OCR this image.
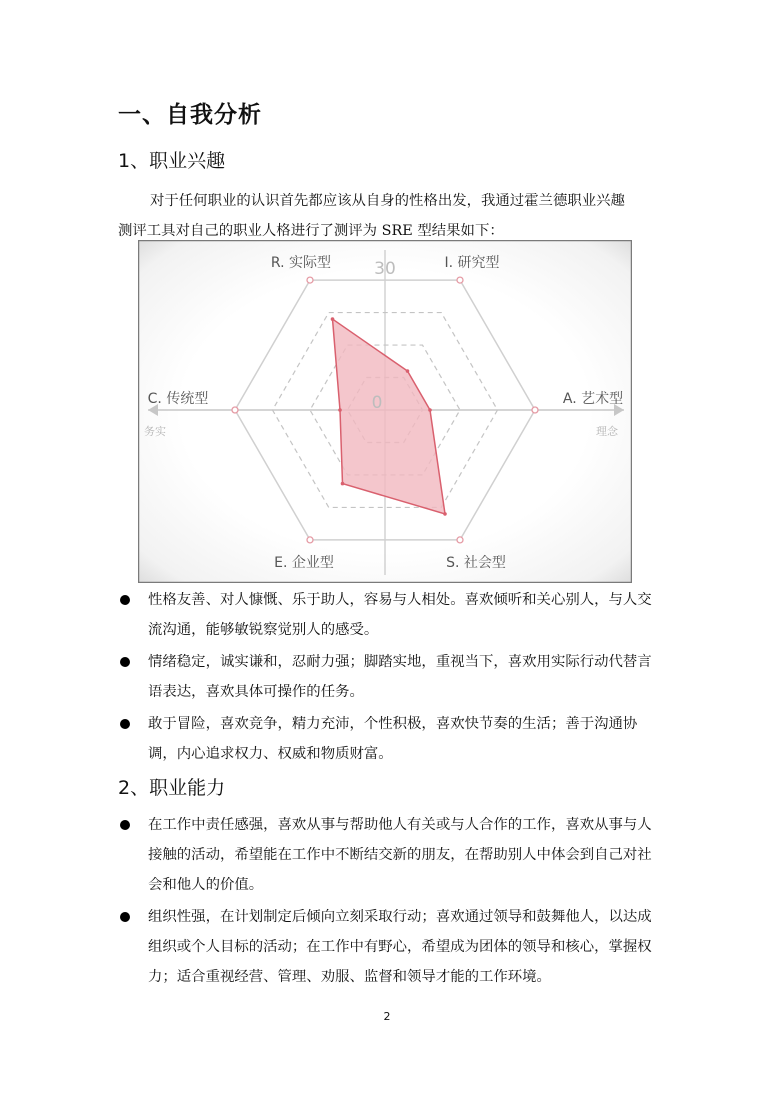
一、自我分析
1、职业兴趣
对于任何职业的认识首先都应该从自身的性格出发，我通过霍兰德职业兴趣
测评工具对自己的职业人格进行了测评为 SRE 型结果如下：
R. 实际型	I. 研究型
A. 艺术型
S. 社会型
E. 企业型
C. 传统型
30
0
务实	理念
性格友善、对人慷慨、乐于助人，容易与人相处。喜欢倾听和关心别人，与人交流沟通，能够敏锐察觉别人的感受。
情绪稳定，诚实谦和，忍耐力强；脚踏实地，重视当下，喜欢用实际行动代替言语表达，喜欢具体可操作的任务。
敢于冒险，喜欢竞争，精力充沛，个性积极，喜欢快节奏的生活；善于沟通协调，内心追求权力、权威和物质财富。
2、职业能力
在工作中责任感强，喜欢从事与帮助他人有关或与人合作的工作，喜欢从事与人接触的活动，希望能在工作中不断结交新的朋友，在帮助别人中体会到自己对社会和他人的价值。
组织性强，在计划制定后倾向立刻采取行动；喜欢通过领导和鼓舞他人，以达成组织或个人目标的活动；在工作中有野心，希望成为团体的领导和核心，掌握权力；适合重视经营、管理、劝服、监督和领导才能的工作环境。
2
